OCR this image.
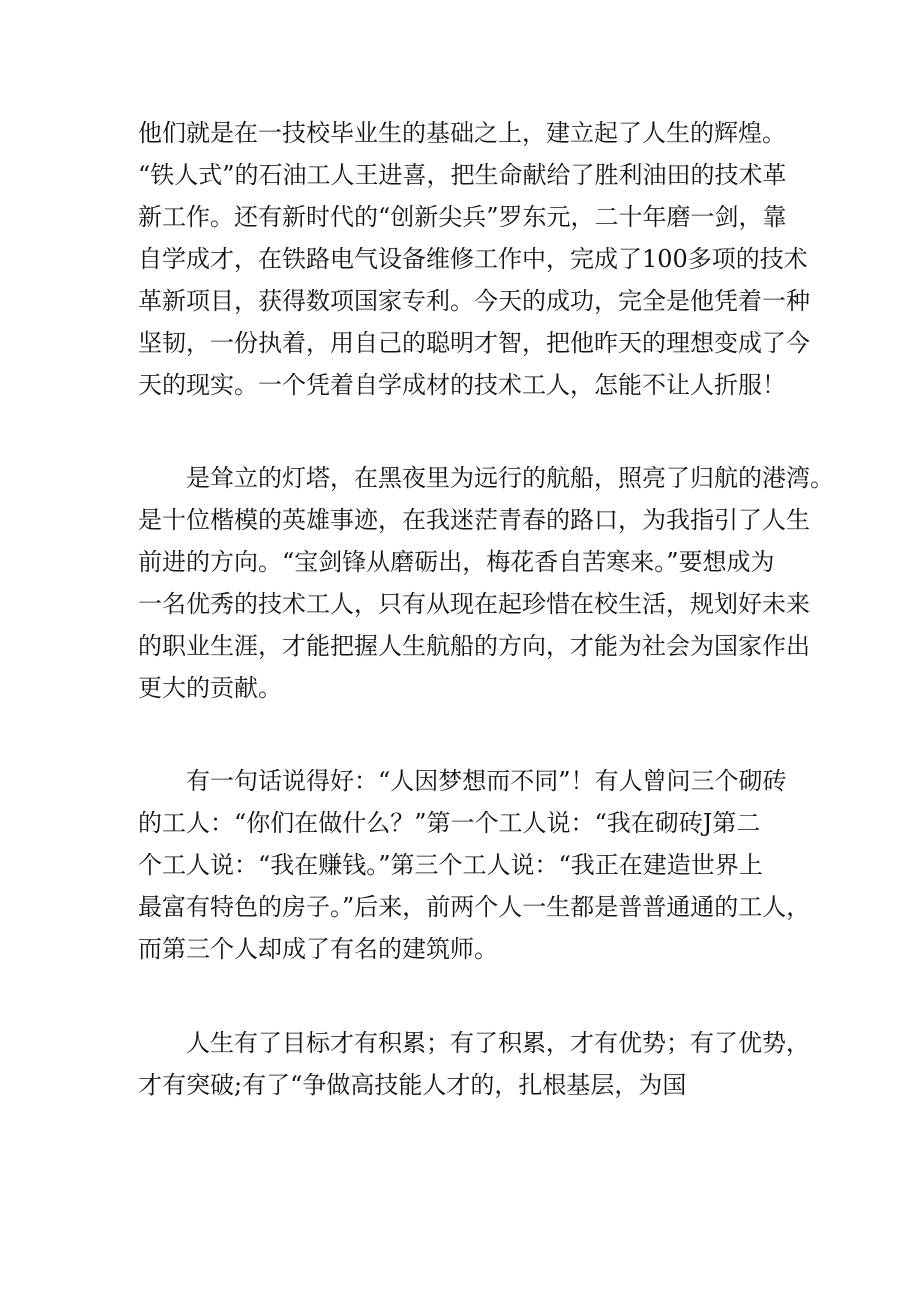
他们就是在一技校毕业生的基础之上，建立起了人生的辉煌。
“铁人式”的石油工人王进喜，把生命献给了胜利油田的技术革
新工作。还有新时代的“创新尖兵”罗东元，二十年磨一剑，靠
自学成才，在铁路电气设备维修工作中，完成了100多项的技术
革新项目，获得数项国家专利。今天的成功，完全是他凭着一种
坚韧，一份执着，用自己的聪明才智，把他昨天的理想变成了今
天的现实。一个凭着自学成材的技术工人，怎能不让人折服！
是耸立的灯塔，在黑夜里为远行的航船，照亮了归航的港湾。
是十位楷模的英雄事迹，在我迷茫青春的路口，为我指引了人生
前进的方向。“宝剑锋从磨砺出，梅花香自苦寒来。”要想成为
一名优秀的技术工人，只有从现在起珍惜在校生活，规划好未来
的职业生涯，才能把握人生航船的方向，才能为社会为国家作出
更大的贡献。
有一句话说得好：“人因梦想而不同”！有人曾问三个砌砖
的工人：“你们在做什么？”第一个工人说：“我在砌砖J第二
个工人说：“我在赚钱。”第三个工人说：“我正在建造世界上
最富有特色的房子。”后来，前两个人一生都是普普通通的工人，
而第三个人却成了有名的建筑师。
人生有了目标才有积累；有了积累，才有优势；有了优势，
才有突破;有了“争做高技能人才的，扎根基层，为国
